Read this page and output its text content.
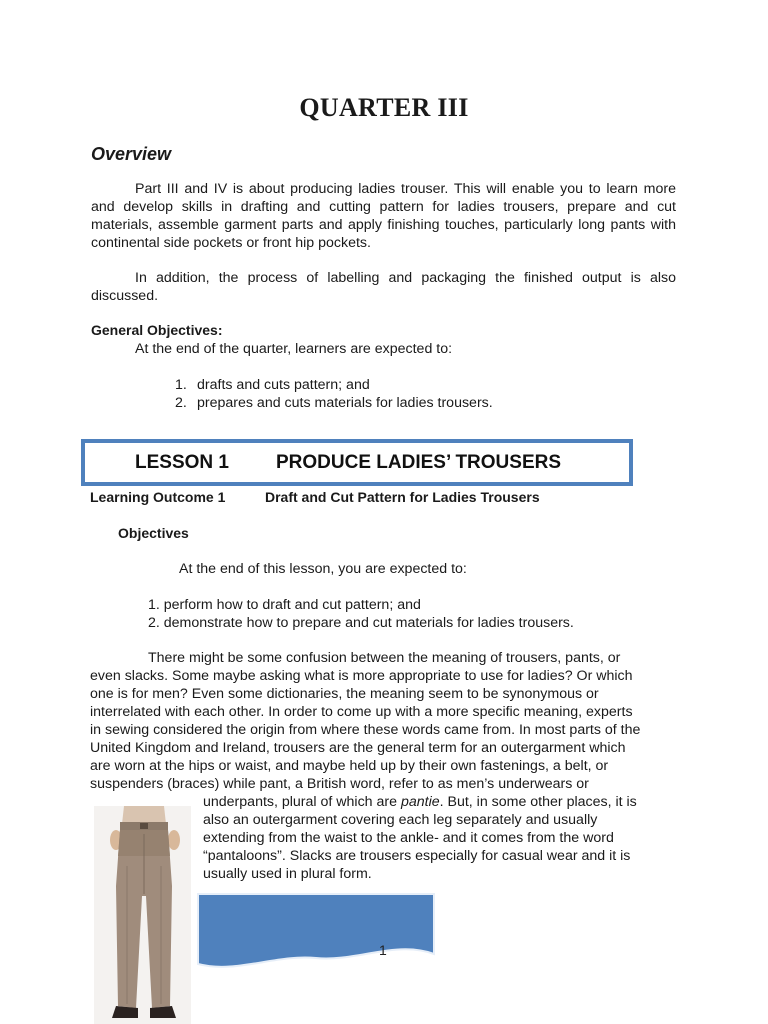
QUARTER III
Overview

Part III and IV is about producing ladies trouser. This will enable you to learn more and develop skills in drafting and cutting pattern for ladies trousers, prepare and cut materials, assemble garment parts and apply finishing touches, particularly long pants with continental side pockets or front hip pockets.

In addition, the process of labelling and packaging the finished output is also discussed.

General Objectives:
At the end of the quarter, learners are expected to:
1. drafts and cuts pattern; and
2. prepares and cuts materials for ladies trousers.
LESSON 1 PRODUCE LADIES’ TROUSERS
Learning Outcome 1	Draft and Cut Pattern for Ladies Trousers
Objectives
At the end of this lesson, you are expected to:
1. perform how to draft and cut pattern; and
2. demonstrate how to prepare and cut materials for ladies trousers.
There might be some confusion between the meaning of trousers, pants, or
even slacks. Some maybe asking what is more appropriate to use for ladies? Or which
one is for men? Even some dictionaries, the meaning seem to be synonymous or
interrelated with each other. In order to come up with a more specific meaning, experts
in sewing considered the origin from where these words came from. In most parts of the
United Kingdom and Ireland, trousers are the general term for an outergarment which
are worn at the hips or waist, and maybe held up by their own fastenings, a belt, or
suspenders (braces) while pant, a British word, refer to as men’s underwears or
underpants, plural of which are pantie. But, in some other places, it is
also an outergarment covering each leg separately and usually
extending from the waist to the ankle- and it comes from the word
“pantaloons”. Slacks are trousers especially for casual wear and it is
usually used in plural form.
1
